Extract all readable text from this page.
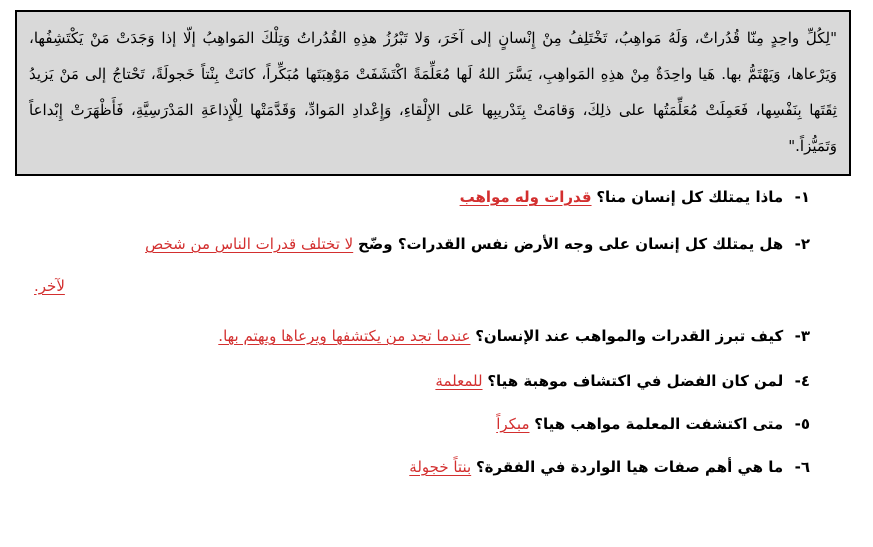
"لِكُلِّ واحِدٍ مِنّا قُدُراتٌ، وَلَهُ مَواهِبُ، تَخْتَلِفُ مِنْ إِنْسانٍ إلى آخَرَ، وَلا تَبْرُزُ هذِهِ القُدُراتُ وَتِلْكَ المَواهِبُ إلّا إذا وَجَدَتْ مَنْ يَكْتَشِفُها، وَيَرْعاها، وَيَهْتَمُّ بها. هَيا واحِدَةٌ مِنْ هذِهِ المَواهِبِ، يَسَّرَ اللهُ لَها مُعَلِّمَةً اكْتَشَفَتْ مَوْهِبَتَها مُبَكِّراً، كانَتْ بِنْتاً خَجولَةً، تَحْتاجُ إلى مَنْ يَزيدُ ثِقَتَها بِنَفْسِها، فَعَمِلَتْ مُعَلِّمَتُها على ذلِكَ، وَقامَتْ بِتَدْريبِها عَلى الإِلْقاءِ، وَإِعْدادِ المَوادِّ، وَقَدَّمَتْها لِلْإِذاعَةِ المَدْرَسِيَّةِ، فَأَظْهَرَتْ إِبْداعاً وَتَمَيُّزاً."

١- ماذا يمتلك كل إنسان منا؟ قدرات وله مواهب
٢- هل يمتلك كل إنسان على وجه الأرض نفس القدرات؟ وضّح لا تختلف قدرات الناس من شخص
لآخر.
٣- كيف تبرز القدرات والمواهب عند الإنسان؟ عندما تجد من يكتشفها ويرعاها ويهتم بها.
٤- لمن كان الفضل في اكتشاف موهبة هيا؟ للمعلمة
٥- متى اكتشفت المعلمة مواهب هيا؟ مبكراً
٦- ما هي أهم صفات هيا الواردة في الفقرة؟ بنتاً خجولة
